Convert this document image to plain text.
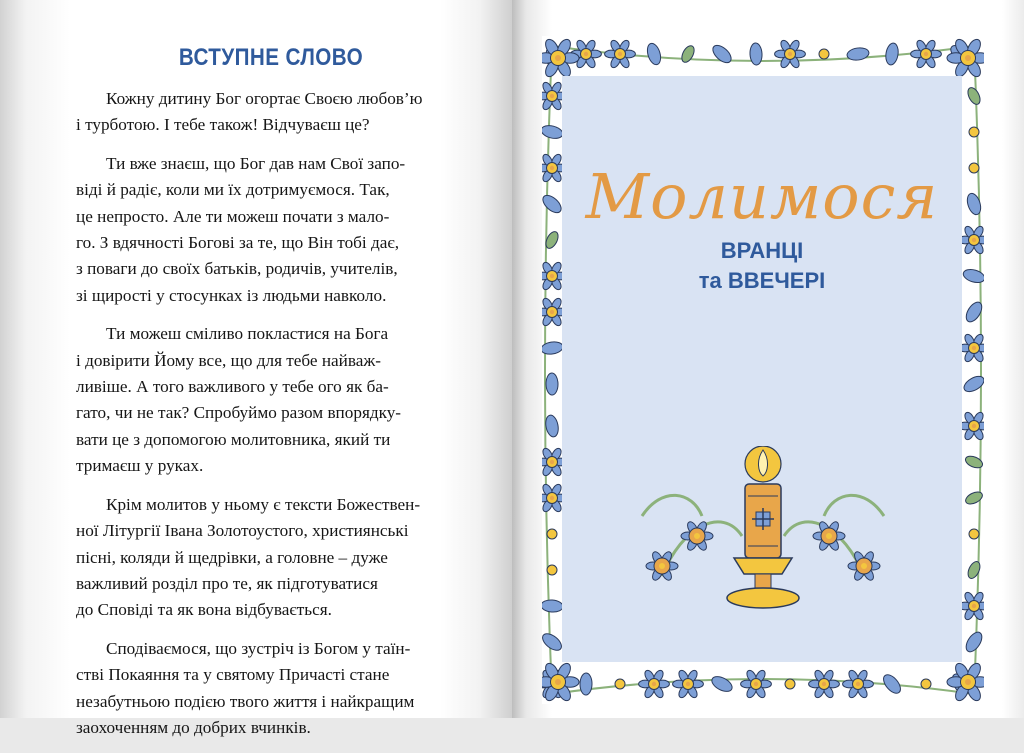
ВСТУПНЕ СЛОВО
Кожну дитину Бог огортає Своєю любов’ю
і турботою. І тебе також! Відчуваєш це?
Ти вже знаєш, що Бог дав нам Свої запо-
віді й радіє, коли ми їх дотримуємося. Так,
це непросто. Але ти можеш почати з мало-
го. З вдячності Богові за те, що Він тобі дає,
з поваги до своїх батьків, родичів, учителів,
зі щирості у стосунках із людьми навколо.
Ти можеш сміливо покластися на Бога
і довірити Йому все, що для тебе найваж-
ливіше. А того важливого у тебе ого як ба-
гато, чи не так? Спробуймо разом впорядку-
вати це з допомогою молитовника, який ти
тримаєш у руках.
Крім молитов у ньому є тексти Божествен-
ної Літургії Івана Золотоустого, християнські
пісні, коляди й щедрівки, а головне – дуже
важливий розділ про те, як підготуватися
до Сповіді та як вона відбувається.
Сподіваємося, що зустріч із Богом у таїн-
стві Покаяння та у святому Причасті стане
незабутньою подією твого життя і найкращим
заохоченням до добрих вчинків.
Молимося
ВРАНЦІ
та ВВЕЧЕРІ
